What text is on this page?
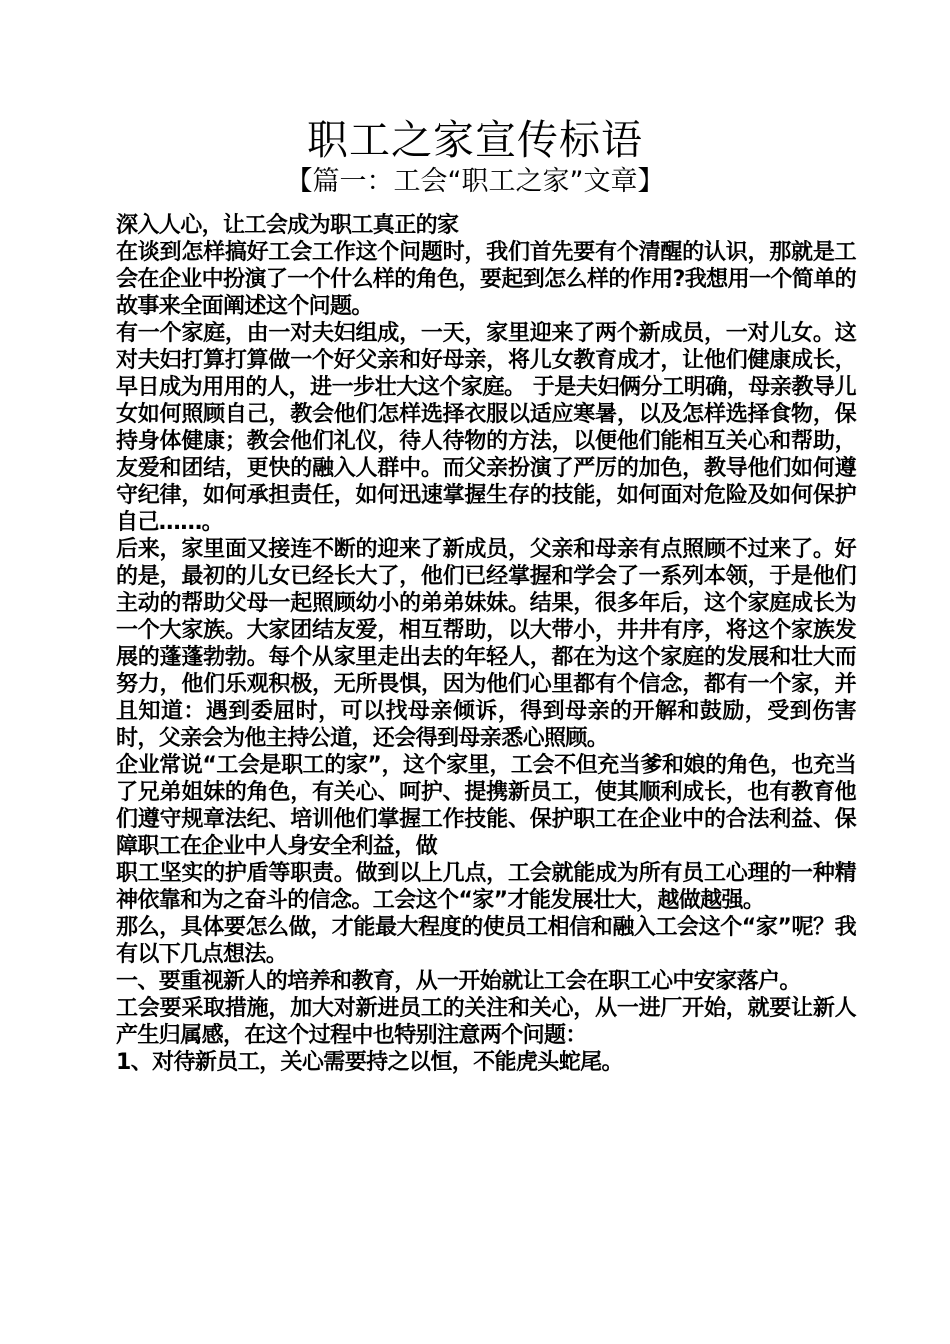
职工之家宣传标语
【篇一：工会“职工之家”文章】

深入人心，让工会成为职工真正的家

在谈到怎样搞好工会工作这个问题时，我们首先要有个清醒的认识，那就是工会在企业中扮演了一个什么样的角色，要起到怎么样的作用?我想用一个简单的故事来全面阐述这个问题。

有一个家庭，由一对夫妇组成，一天，家里迎来了两个新成员，一对儿女。这对夫妇打算打算做一个好父亲和好母亲，将儿女教育成才，让他们健康成长，早日成为用用的人，进一步壮大这个家庭。 于是夫妇俩分工明确，母亲教导儿女如何照顾自己，教会他们怎样选择衣服以适应寒暑，以及怎样选择食物，保持身体健康；教会他们礼仪，待人待物的方法，以便他们能相互关心和帮助，友爱和团结，更快的融入人群中。而父亲扮演了严厉的加色，教导他们如何遵守纪律，如何承担责任，如何迅速掌握生存的技能，如何面对危险及如何保护自己……。

后来，家里面又接连不断的迎来了新成员，父亲和母亲有点照顾不过来了。好的是，最初的儿女已经长大了，他们已经掌握和学会了一系列本领，于是他们主动的帮助父母一起照顾幼小的弟弟妹妹。结果，很多年后，这个家庭成长为一个大家族。大家团结友爱，相互帮助，以大带小，井井有序，将这个家族发展的蓬蓬勃勃。每个从家里走出去的年轻人，都在为这个家庭的发展和壮大而努力，他们乐观积极，无所畏惧，因为他们心里都有个信念，都有一个家，并且知道：遇到委屈时，可以找母亲倾诉，得到母亲的开解和鼓励，受到伤害时，父亲会为他主持公道，还会得到母亲悉心照顾。

企业常说“工会是职工的家”，这个家里，工会不但充当爹和娘的角色，也充当了兄弟姐妹的角色，有关心、呵护、提携新员工，使其顺利成长，也有教育他们遵守规章法纪、培训他们掌握工作技能、保护职工在企业中的合法利益、保障职工在企业中人身安全利益，做

职工坚实的护盾等职责。做到以上几点，工会就能成为所有员工心理的一种精神依靠和为之奋斗的信念。工会这个“家”才能发展壮大，越做越强。

那么，具体要怎么做，才能最大程度的使员工相信和融入工会这个“家”呢？我有以下几点想法。

一、要重视新人的培养和教育，从一开始就让工会在职工心中安家落户。

工会要采取措施，加大对新进员工的关注和关心，从一进厂开始，就要让新人产生归属感，在这个过程中也特别注意两个问题：

1、对待新员工，关心需要持之以恒，不能虎头蛇尾。
